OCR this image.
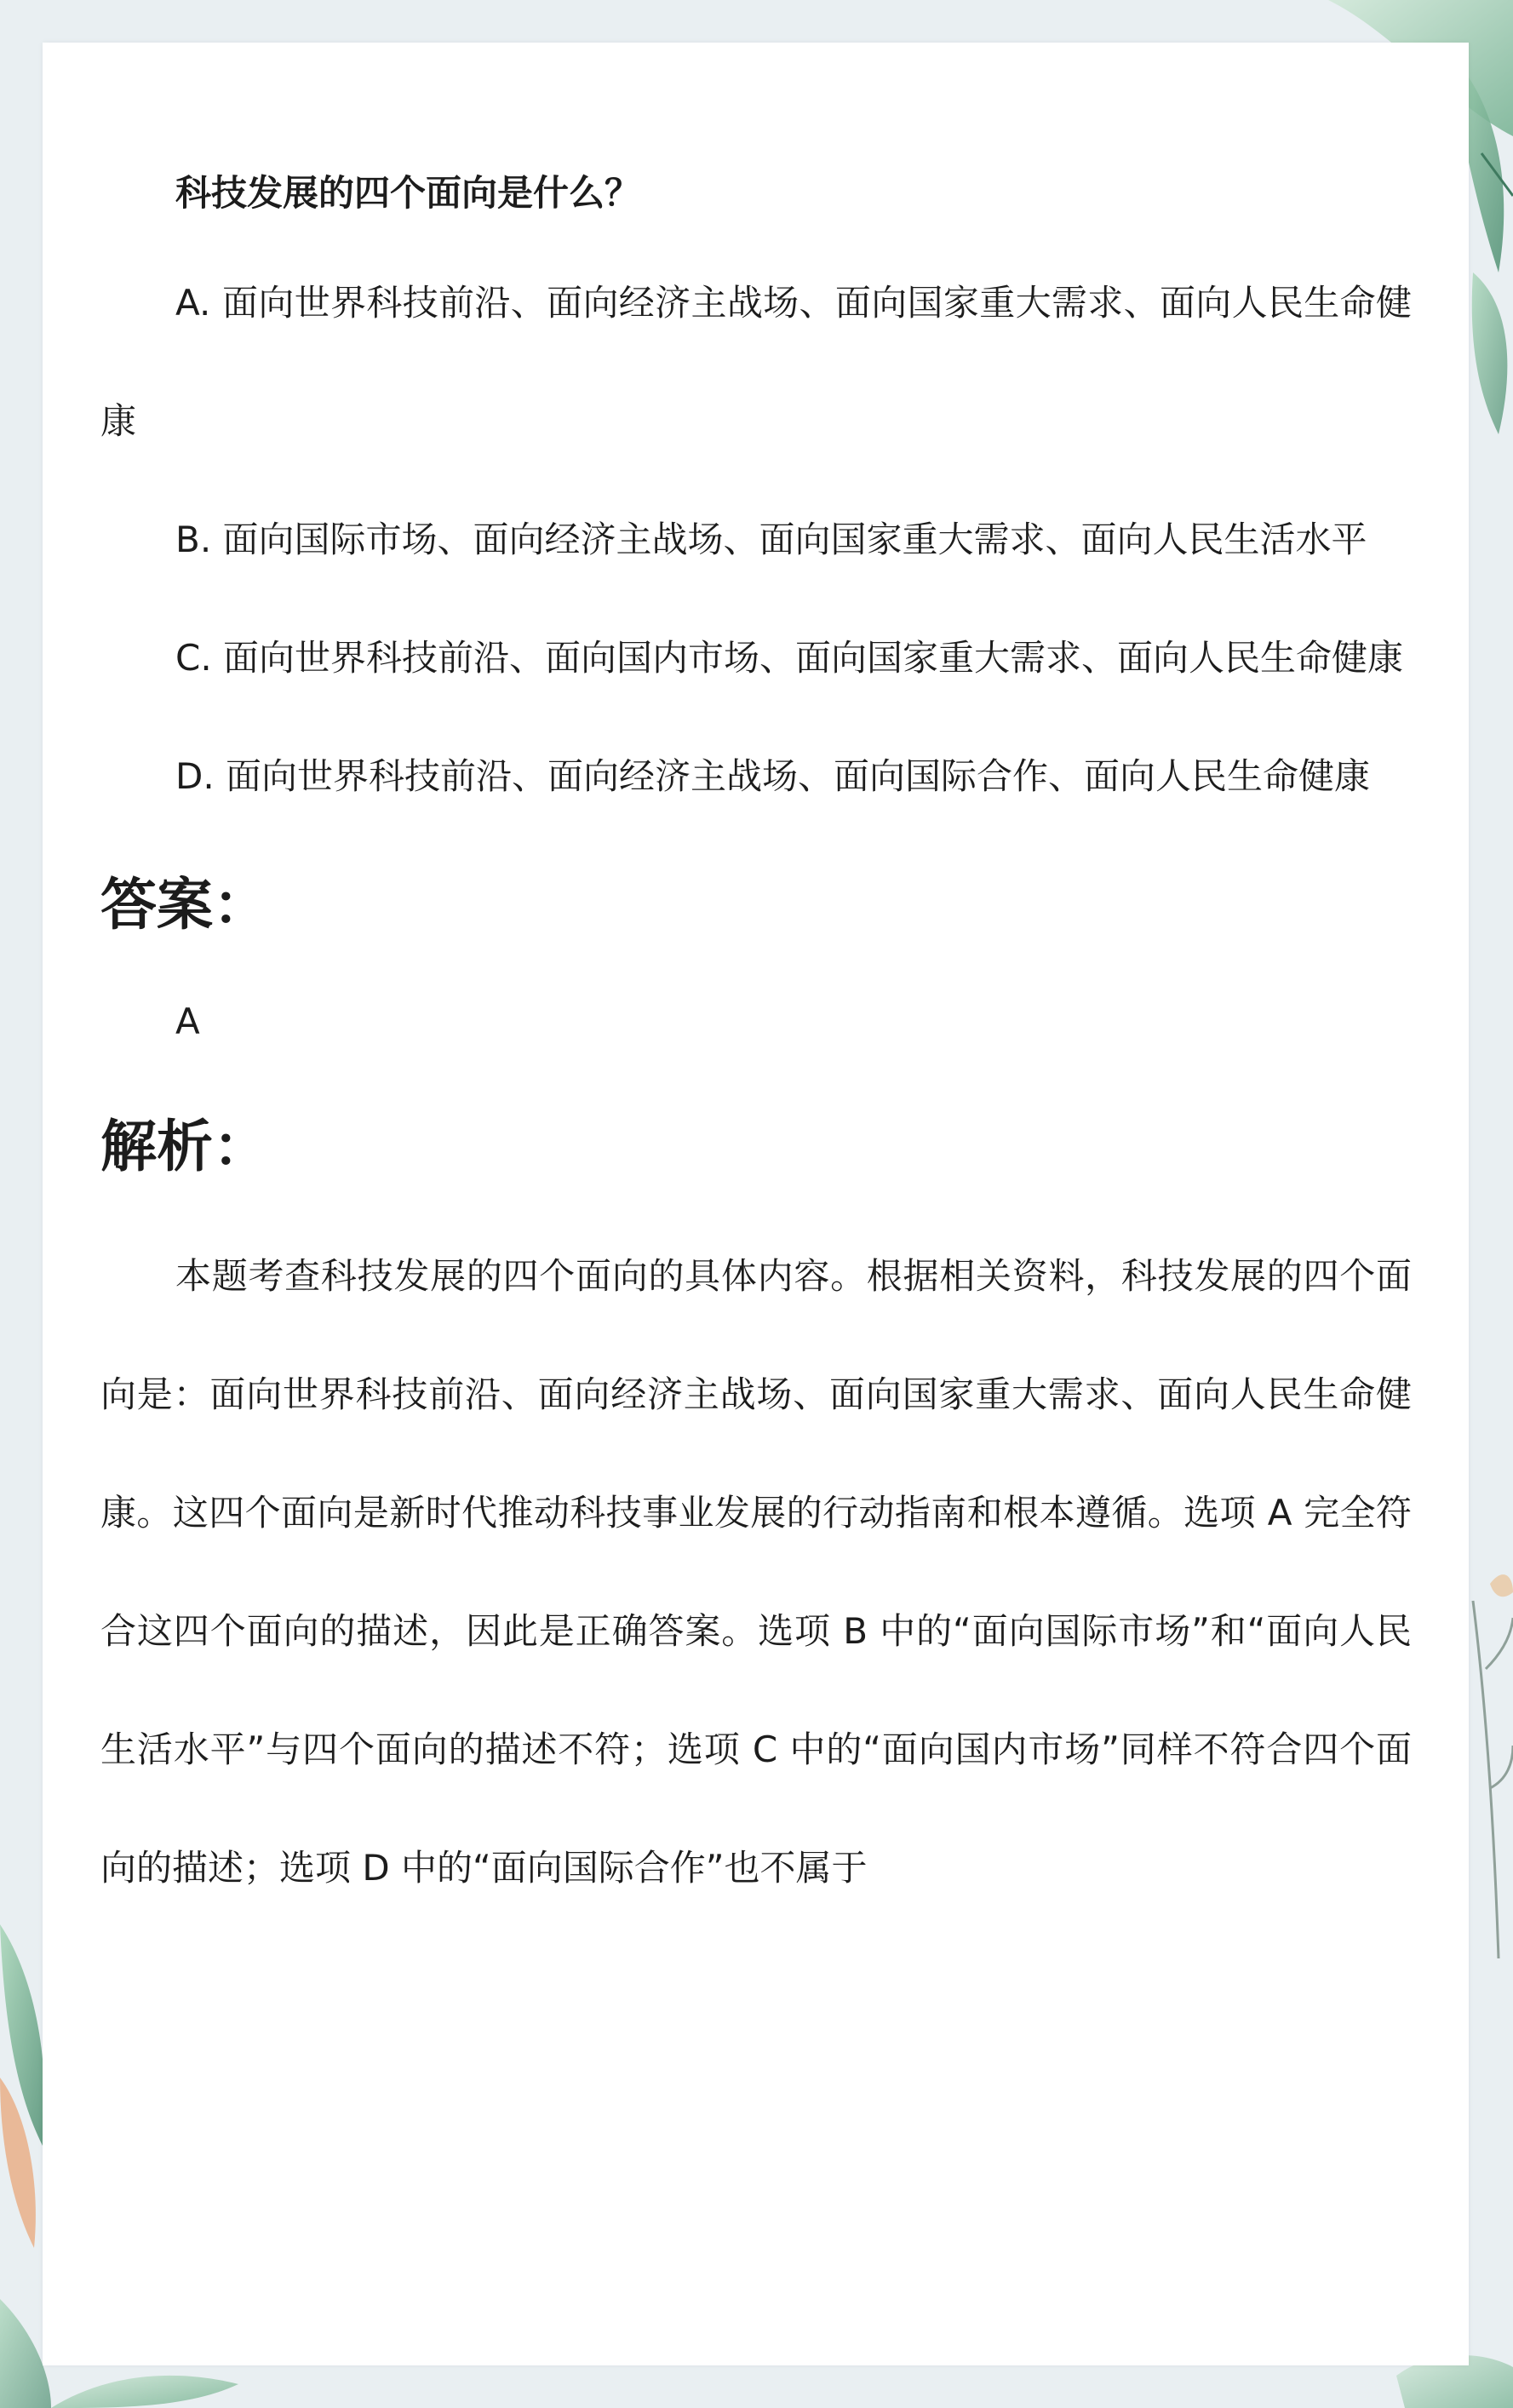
科技发展的四个面向是什么？

A. 面向世界科技前沿、面向经济主战场、面向国家重大需求、面向人民生命健康

B. 面向国际市场、面向经济主战场、面向国家重大需求、面向人民生活水平

C. 面向世界科技前沿、面向国内市场、面向国家重大需求、面向人民生命健康

D. 面向世界科技前沿、面向经济主战场、面向国际合作、面向人民生命健康

答案：

A

解析：

本题考查科技发展的四个面向的具体内容。根据相关资料，科技发展的四个面向是：面向世界科技前沿、面向经济主战场、面向国家重大需求、面向人民生命健康。这四个面向是新时代推动科技事业发展的行动指南和根本遵循。选项 A 完全符合这四个面向的描述，因此是正确答案。选项 B 中的“面向国际市场”和“面向人民生活水平”与四个面向的描述不符；选项 C 中的“面向国内市场”同样不符合四个面向的描述；选项 D 中的“面向国际合作”也不属于
